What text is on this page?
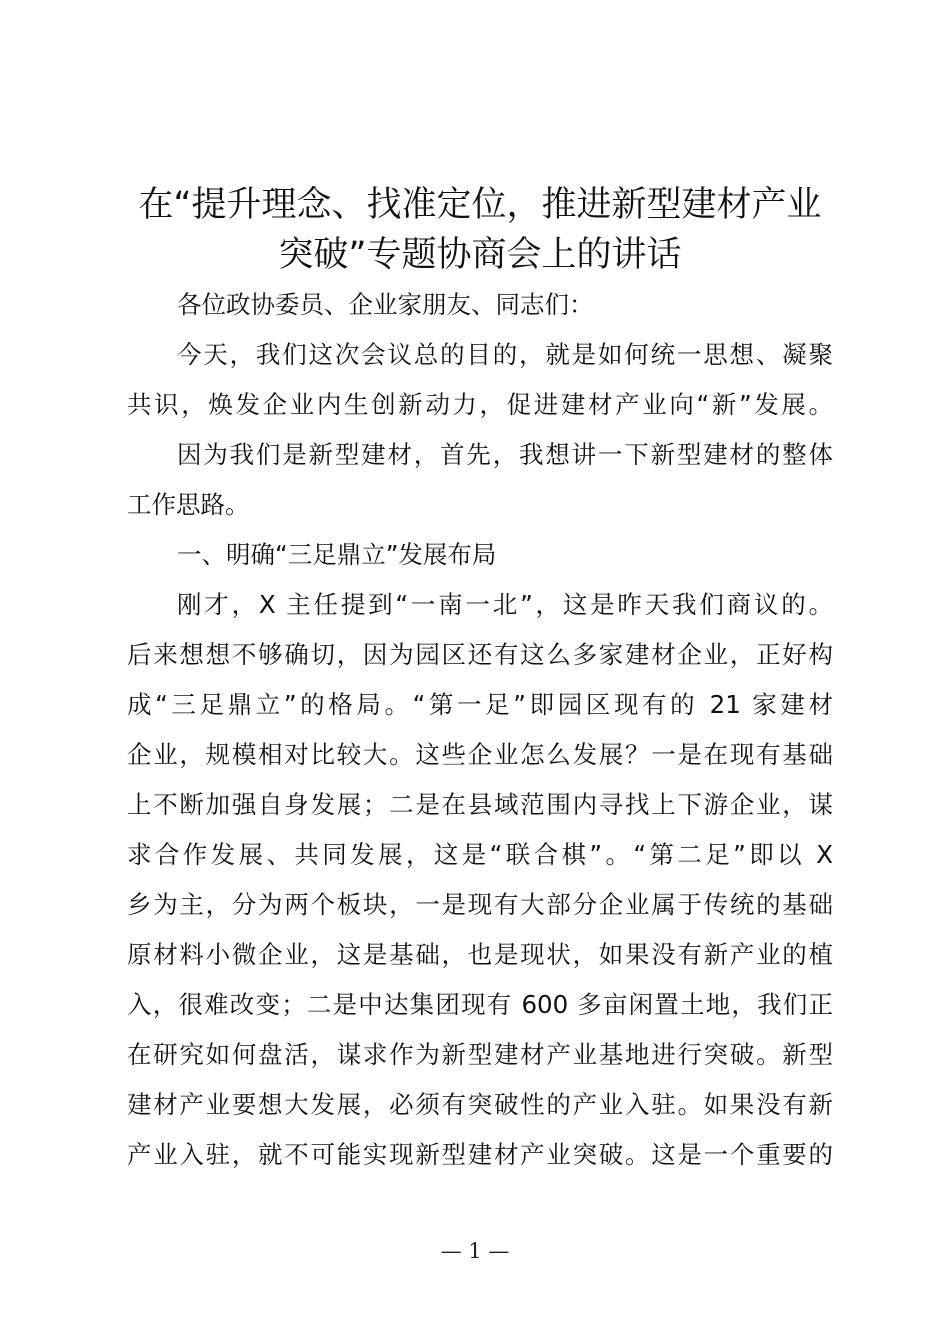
在“提升理念、找准定位，推进新型建材产业
突破”专题协商会上的讲话
各位政协委员、企业家朋友、同志们：
今天，我们这次会议总的目的，就是如何统一思想、凝聚
共识，焕发企业内生创新动力，促进建材产业向“新”发展。
因为我们是新型建材，首先，我想讲一下新型建材的整体
工作思路。
一、明确“三足鼎立”发展布局
刚才，X 主任提到“一南一北”，这是昨天我们商议的。
后来想想不够确切，因为园区还有这么多家建材企业，正好构
成“三足鼎立”的格局。“第一足”即园区现有的 21 家建材
企业，规模相对比较大。这些企业怎么发展？一是在现有基础
上不断加强自身发展；二是在县域范围内寻找上下游企业，谋
求合作发展、共同发展，这是“联合棋”。“第二足”即以 X
乡为主，分为两个板块，一是现有大部分企业属于传统的基础
原材料小微企业，这是基础，也是现状，如果没有新产业的植
入，很难改变；二是中达集团现有 600 多亩闲置土地，我们正
在研究如何盘活，谋求作为新型建材产业基地进行突破。新型
建材产业要想大发展，必须有突破性的产业入驻。如果没有新
产业入驻，就不可能实现新型建材产业突破。这是一个重要的
— 1 —
